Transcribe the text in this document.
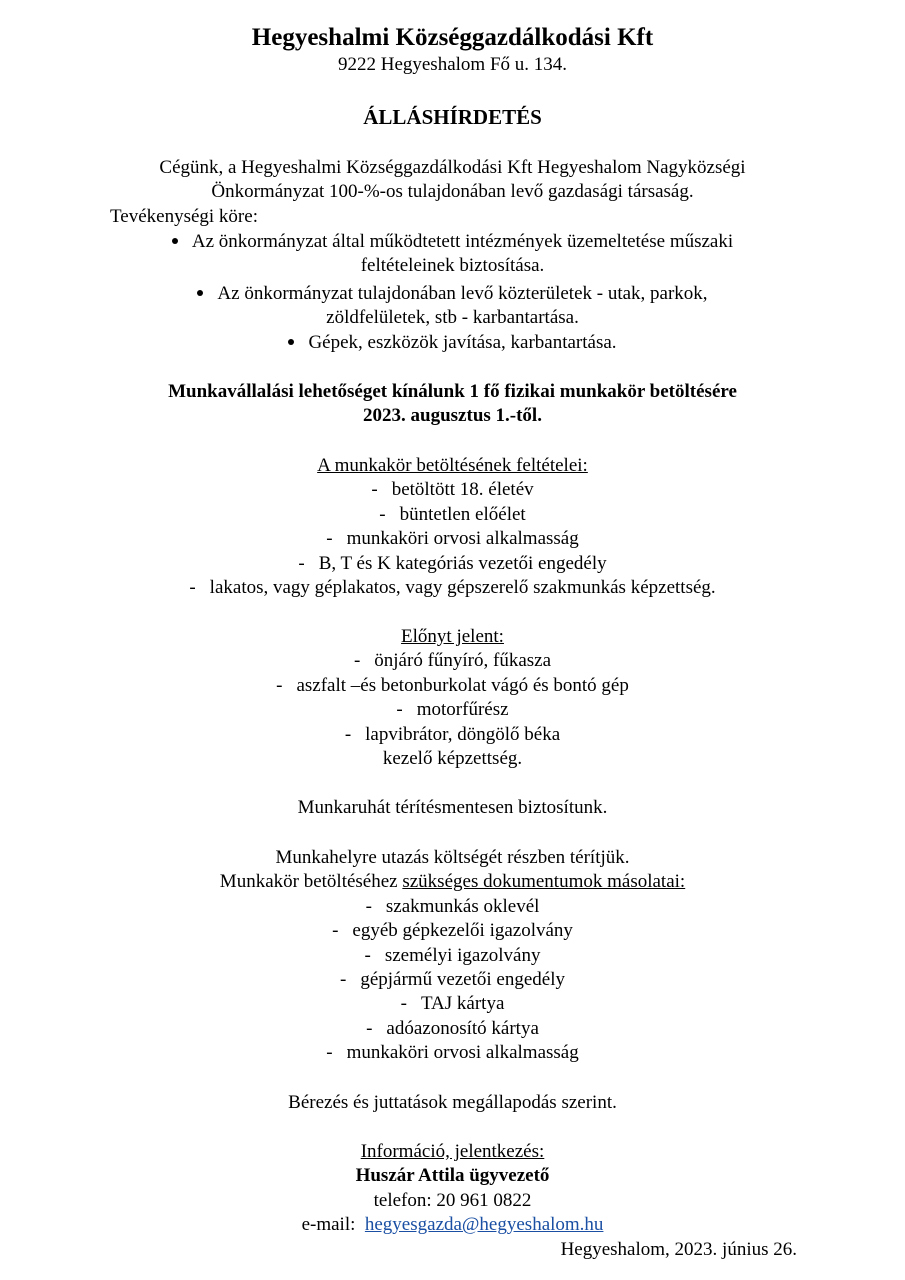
Hegyeshalmi Községgazdálkodási Kft
9222 Hegyeshalom Fő u. 134.
ÁLLÁSHÍRDETÉS
Cégünk, a Hegyeshalmi Községgazdálkodási Kft Hegyeshalom Nagyközségi
Önkormányzat 100-%-os tulajdonában levő gazdasági társaság.
Tevékenységi köre:
Az önkormányzat által működtetett intézmények üzemeltetése műszaki
feltételeinek biztosítása.
Az önkormányzat tulajdonában levő közterületek - utak, parkok,
zöldfelületek, stb - karbantartása.
Gépek, eszközök javítása, karbantartása.
Munkavállalási lehetőséget kínálunk 1 fő fizikai munkakör betöltésére
2023. augusztus 1.-től.
A munkakör betöltésének feltételei:
- betöltött 18. életév
- büntetlen előélet
- munkaköri orvosi alkalmasság
- B, T és K kategóriás vezetői engedély
- lakatos, vagy géplakatos, vagy gépszerelő szakmunkás képzettség.
Előnyt jelent:
- önjáró fűnyíró, fűkasza
- aszfalt –és betonburkolat vágó és bontó gép
- motorfűrész
- lapvibrátor, döngölő béka
kezelő képzettség.
Munkaruhát térítésmentesen biztosítunk.
Munkahelyre utazás költségét részben térítjük.
Munkakör betöltéséhez szükséges dokumentumok másolatai:
- szakmunkás oklevél
- egyéb gépkezelői igazolvány
- személyi igazolvány
- gépjármű vezetői engedély
- TAJ kártya
- adóazonosító kártya
- munkaköri orvosi alkalmasság
Bérezés és juttatások megállapodás szerint.
Információ, jelentkezés:
Huszár Attila ügyvezető
telefon: 20 961 0822
e-mail: hegyesgazda@hegyeshalom.hu
Hegyeshalom, 2023. június 26.
